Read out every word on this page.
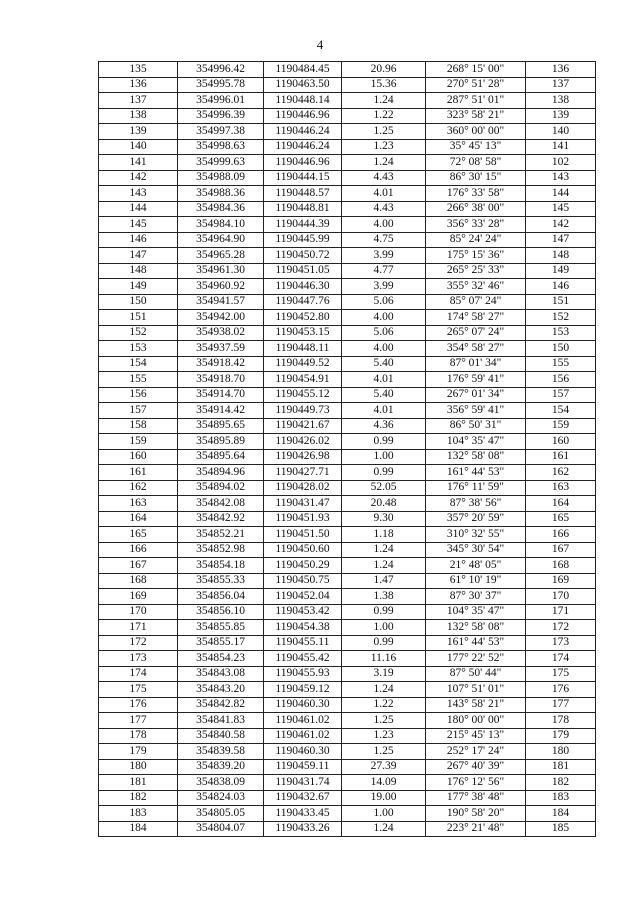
4
135	354996.42	1190484.45	20.96	268° 15' 00"	136
136	354995.78	1190463.50	15.36	270° 51' 28"	137
137	354996.01	1190448.14	1.24	287° 51' 01"	138
138	354996.39	1190446.96	1.22	323° 58' 21"	139
139	354997.38	1190446.24	1.25	360° 00' 00"	140
140	354998.63	1190446.24	1.23	35° 45' 13"	141
141	354999.63	1190446.96	1.24	72° 08' 58"	102
142	354988.09	1190444.15	4.43	86° 30' 15"	143
143	354988.36	1190448.57	4.01	176° 33' 58"	144
144	354984.36	1190448.81	4.43	266° 38' 00"	145
145	354984.10	1190444.39	4.00	356° 33' 28"	142
146	354964.90	1190445.99	4.75	85° 24' 24"	147
147	354965.28	1190450.72	3.99	175° 15' 36"	148
148	354961.30	1190451.05	4.77	265° 25' 33"	149
149	354960.92	1190446.30	3.99	355° 32' 46"	146
150	354941.57	1190447.76	5.06	85° 07' 24"	151
151	354942.00	1190452.80	4.00	174° 58' 27"	152
152	354938.02	1190453.15	5.06	265° 07' 24"	153
153	354937.59	1190448.11	4.00	354° 58' 27"	150
154	354918.42	1190449.52	5.40	87° 01' 34"	155
155	354918.70	1190454.91	4.01	176° 59' 41"	156
156	354914.70	1190455.12	5.40	267° 01' 34"	157
157	354914.42	1190449.73	4.01	356° 59' 41"	154
158	354895.65	1190421.67	4.36	86° 50' 31"	159
159	354895.89	1190426.02	0.99	104° 35' 47"	160
160	354895.64	1190426.98	1.00	132° 58' 08"	161
161	354894.96	1190427.71	0.99	161° 44' 53"	162
162	354894.02	1190428.02	52.05	176° 11' 59"	163
163	354842.08	1190431.47	20.48	87° 38' 56"	164
164	354842.92	1190451.93	9.30	357° 20' 59"	165
165	354852.21	1190451.50	1.18	310° 32' 55"	166
166	354852.98	1190450.60	1.24	345° 30' 54"	167
167	354854.18	1190450.29	1.24	21° 48' 05"	168
168	354855.33	1190450.75	1.47	61° 10' 19"	169
169	354856.04	1190452.04	1.38	87° 30' 37"	170
170	354856.10	1190453.42	0.99	104° 35' 47"	171
171	354855.85	1190454.38	1.00	132° 58' 08"	172
172	354855.17	1190455.11	0.99	161° 44' 53"	173
173	354854.23	1190455.42	11.16	177° 22' 52"	174
174	354843.08	1190455.93	3.19	87° 50' 44"	175
175	354843.20	1190459.12	1.24	107° 51' 01"	176
176	354842.82	1190460.30	1.22	143° 58' 21"	177
177	354841.83	1190461.02	1.25	180° 00' 00"	178
178	354840.58	1190461.02	1.23	215° 45' 13"	179
179	354839.58	1190460.30	1.25	252° 17' 24"	180
180	354839.20	1190459.11	27.39	267° 40' 39"	181
181	354838.09	1190431.74	14.09	176° 12' 56"	182
182	354824.03	1190432.67	19.00	177° 38' 48"	183
183	354805.05	1190433.45	1.00	190° 58' 20"	184
184	354804.07	1190433.26	1.24	223° 21' 48"	185
